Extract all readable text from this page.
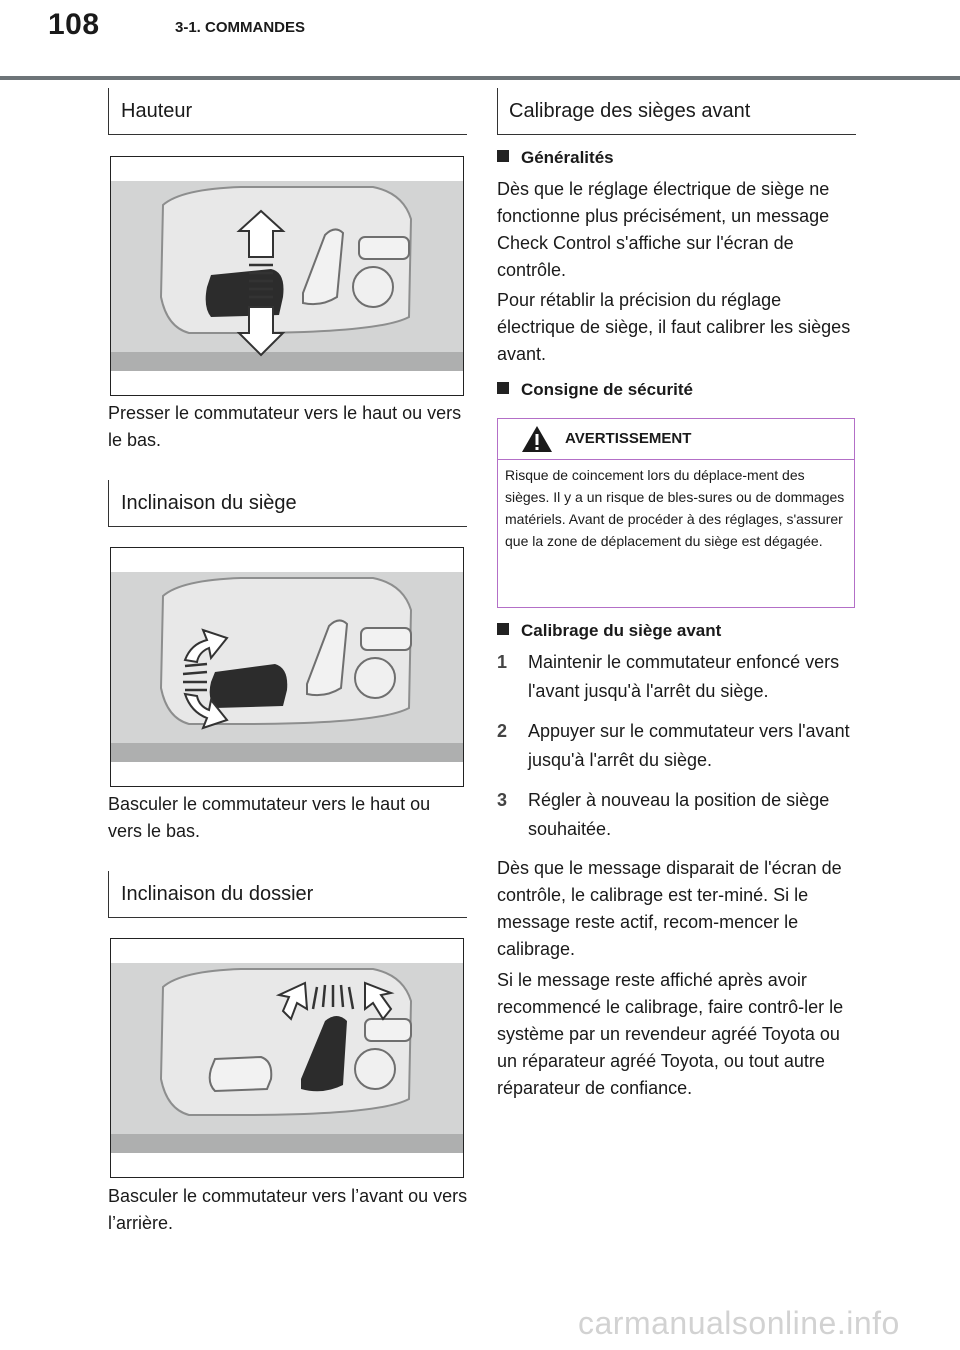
108	3-1. COMMANDES
Hauteur
Presser le commutateur vers le haut ou vers le bas.
Inclinaison du siège
Basculer le commutateur vers le haut ou vers le bas.
Inclinaison du dossier
Basculer le commutateur vers l’avant ou vers l’arrière.
Calibrage des sièges avant
Généralités
Dès que le réglage électrique de siège ne fonctionne plus précisément, un message Check Control s'affiche sur l'écran de contrôle.
Pour rétablir la précision du réglage électrique de siège, il faut calibrer les sièges avant.
Consigne de sécurité
AVERTISSEMENT
Risque de coincement lors du déplace-ment des sièges. Il y a un risque de bles-sures ou de dommages matériels. Avant de procéder à des réglages, s'assurer que la zone de déplacement du siège est dégagée.
Calibrage du siège avant
1 Maintenir le commutateur enfoncé vers l'avant jusqu'à l'arrêt du siège.
2 Appuyer sur le commutateur vers l'avant jusqu'à l'arrêt du siège.
3 Régler à nouveau la position de siège souhaitée.
Dès que le message disparait de l'écran de contrôle, le calibrage est ter-miné. Si le message reste actif, recom-mencer le calibrage.
Si le message reste affiché après avoir recommencé le calibrage, faire contrô-ler le système par un revendeur agréé Toyota ou un réparateur agréé Toyota, ou tout autre réparateur de confiance.
carmanualsonline.info
